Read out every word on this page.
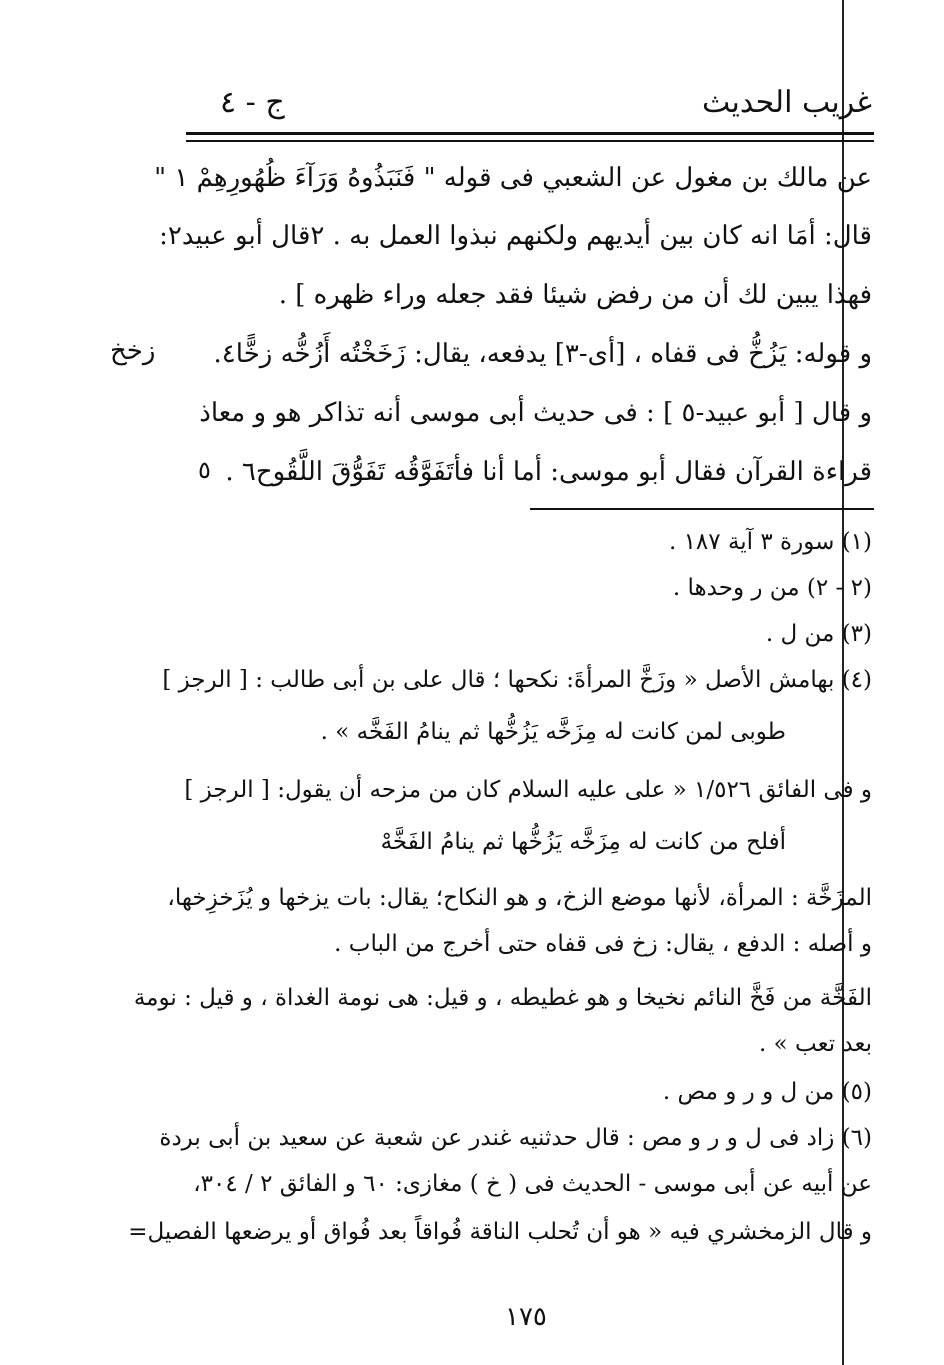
غريب الحديث
ج - ٤
عن مالك بن مغول عن الشعبي فى قوله " فَنَبَذُوهُ وَرَآءَ ظُهُورِهِمْ ١ "
قال: أمَا انه كان بين أيديهم ولكنهم نبذوا العمل به . ٢قال أبو عبيد٢:
فهذا يبين لك أن من رفض شيئا فقد جعله وراء ظهره ] .
و قوله: يَزُخُّ فى قفاه ، [أى-٣] يدفعه، يقال: زَخَخْتُه أَزُخُّه زخًّا٤.
و قال [ أبو عبيد-٥ ] : فى حديث أبى موسى أنه تذاكر هو و معاذ
قراءة القرآن فقال أبو موسى: أما أنا فأتَفَوَّقُه تَفَوُّقَ اللَّقُوح٦ .
زخخ
٥
(١) سورة ٣ آية ١٨٧ .
(٢ - ٢) من ر وحدها .
(٣) من ل .
(٤) بهامش الأصل « وزَخَّ المرأةَ: نكحها ؛ قال على بن أبى طالب : [ الرجز ]
طوبى لمن كانت له مِزَخَّه يَزُخُّها ثم ينامُ الفَخَّه » .
و فى الفائق ١/٥٢٦ « على عليه السلام كان من مزحه أن يقول: [ الرجز ]
أفلح من كانت له مِزَخَّه يَزُخُّها ثم ينامُ الفَخَّهْ
المزَخَّة : المرأة، لأنها موضع الزخ، و هو النكاح؛ يقال: بات يزخها و يُزَخزِخها،
و أصله : الدفع ، يقال: زخ فى قفاه حتى أخرج من الباب .
الفَخَّة من فَخَّ النائم نخيخا و هو غطيطه ، و قيل: هى نومة الغداة ، و قيل : نومة
بعد تعب » .
(٥) من ل و ر و مص .
(٦) زاد فى ل و ر و مص : قال حدثنيه غندر عن شعبة عن سعيد بن أبى بردة
عن أبيه عن أبى موسى - الحديث فى ( خ ) مغازى: ٦٠ و الفائق ٢ / ٣٠٤،
و قال الزمخشري فيه « هو أن تُحلب الناقة فُواقاً بعد فُواق أو يرضعها الفصيل=
١٧٥
